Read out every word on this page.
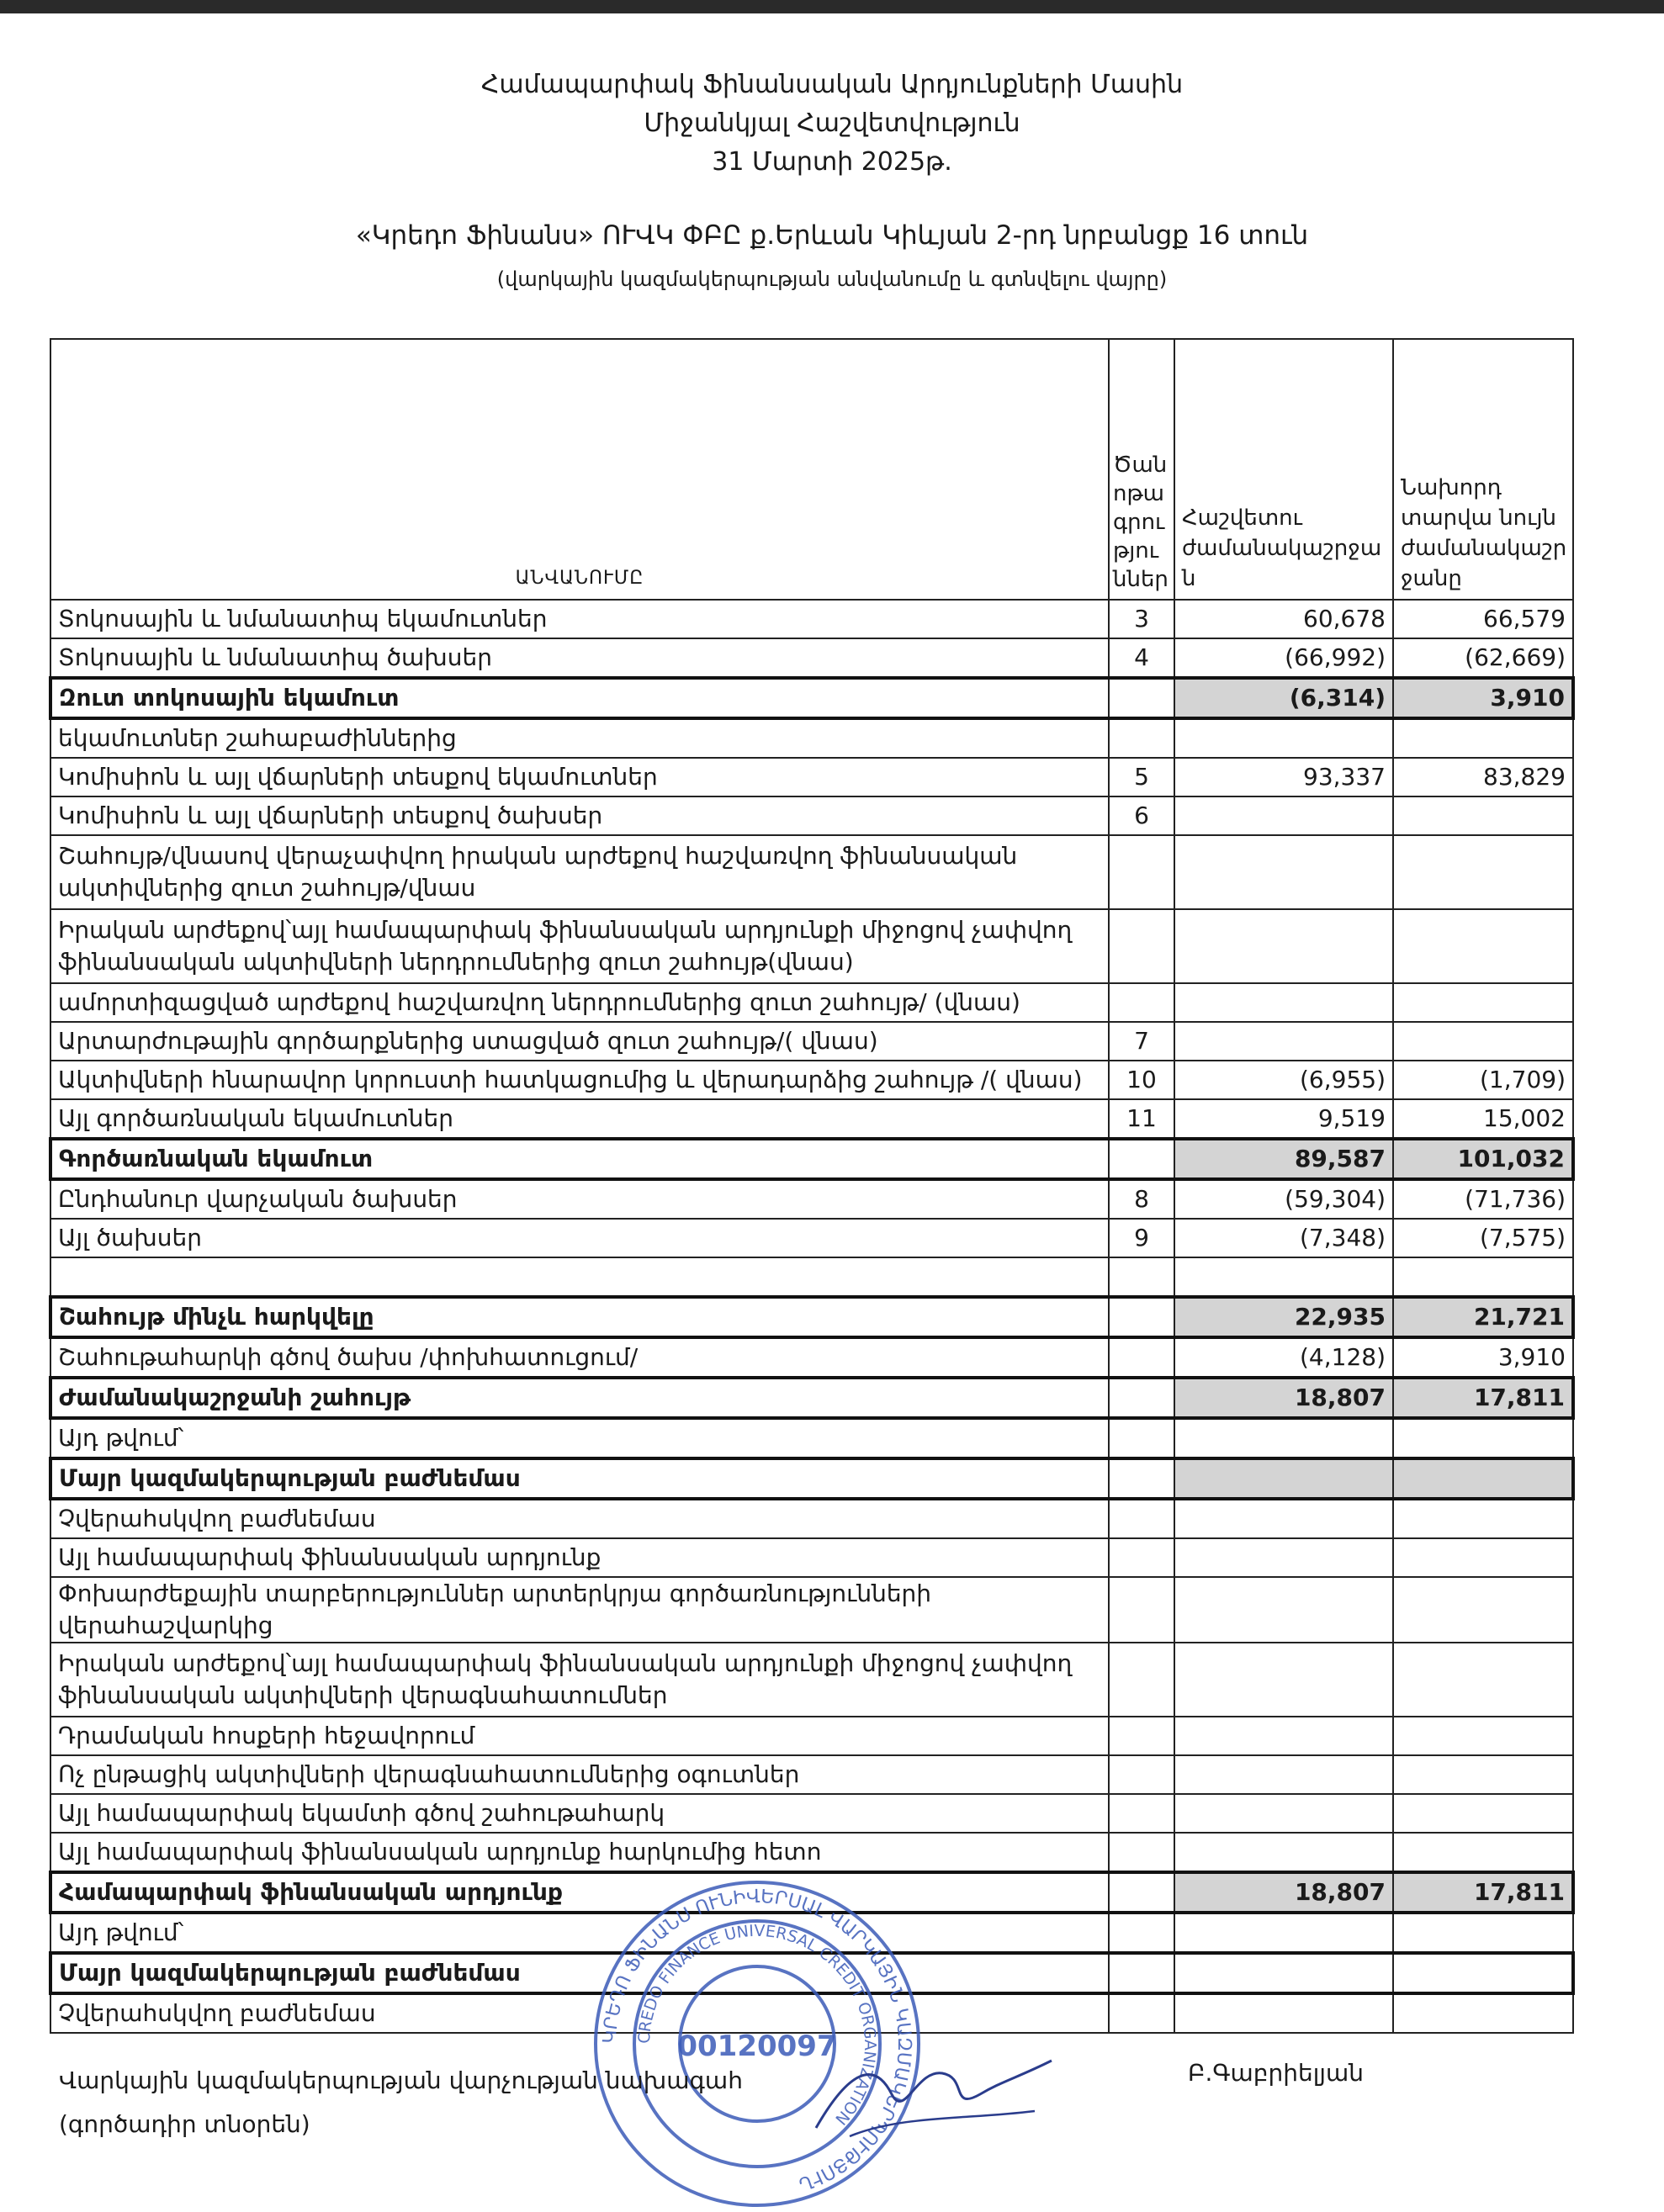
Համապարփակ Ֆինանսական Արդյունքների Մասին
Միջանկյալ Հաշվետվություն
31 Մարտի 2025թ.
«Կրեդո Ֆինանս» ՈՒՎԿ ՓԲԸ ք.Երևան Կիևյան 2-րդ նրբանցք 16 տուն
(վարկային կազմակերպության անվանումը և գտնվելու վայրը)
ԱՆՎԱՆՈՒՄԸ	Ծան ոթա գրու թյու ններ	Հաշվետու ժամանակաշրջա ն	Նախորդ տարվա նույն ժամանակաշր ջանը
Տոկոսային և նմանատիպ եկամուտներ	3	60,678	66,579
Տոկոսային և նմանատիպ ծախսեր	4	(66,992)	(62,669)
Զուտ տոկոսային եկամուտ		(6,314)	3,910
եկամուտներ շահաբաժիններից			
Կոմիսիոն և այլ վճարների տեսքով եկամուտներ	5	93,337	83,829
Կոմիսիոն և այլ վճարների տեսքով ծախսեր	6		
Շահույթ/վնասով վերաչափվող իրական արժեքով հաշվառվող ֆինանսական ակտիվներից զուտ շահույթ/վնաս			
Իրական արժեքով՝այլ համապարփակ ֆինանսական արդյունքի միջոցով չափվող ֆինանսական ակտիվների ներդրումներից զուտ շահույթ(վնաս)			
ամորտիզացված արժեքով հաշվառվող ներդրումներից զուտ շահույթ/ (վնաս)			
Արտարժութային գործարքներից ստացված զուտ շահույթ/( վնաս)	7		
Ակտիվների հնարավոր կորուստի հատկացումից և վերադարձից շահույթ /( վնաս)	10	(6,955)	(1,709)
Այլ գործառնական եկամուտներ	11	9,519	15,002
Գործառնական եկամուտ		89,587	101,032
Ընդհանուր վարչական ծախսեր	8	(59,304)	(71,736)
Այլ ծախսեր	9	(7,348)	(7,575)

Շահույթ մինչև հարկվելը		22,935	21,721
Շահութահարկի գծով ծախս /փոխհատուցում/		(4,128)	3,910
Ժամանակաշրջանի շահույթ		18,807	17,811
Այդ թվում՝			
Մայր կազմակերպության բաժնեմաս			
Չվերահսկվող բաժնեմաս			
Այլ համապարփակ ֆինանսական արդյունք			
Փոխարժեքային տարբերություններ արտերկրյա գործառնությունների վերահաշվարկից			
Իրական արժեքով՝այլ համապարփակ ֆինանսական արդյունքի միջոցով չափվող ֆինանսական ակտիվների վերագնահատումներ			
Դրամական հոսքերի հեջավորում			
Ոչ ընթացիկ ակտիվների վերագնահատումներից օգուտներ			
Այլ համապարփակ եկամտի գծով շահութահարկ			
Այլ համապարփակ ֆինանսական արդյունք հարկումից հետո			
Համապարփակ ֆինանսական արդյունք		18,807	17,811
Այդ թվում՝			
Մայր կազմակերպության բաժնեմաս			
Չվերահսկվող բաժնեմաս			
ԿՐԵԴՈ ՖԻՆԱՆՍ ՈՒՆԻՎԵՐՍԱԼ ՎԱՐԿԱՅԻՆ ԿԱԶՄԱԿԵՐՊՈՒԹՅՈՒՆ
CREDO FINANCE UNIVERSAL CREDIT ORGANIZATION
00120097
Վարկային կազմակերպության վարչության նախագահ
(գործադիր տնօրեն)
Բ.Գաբրիելյան
